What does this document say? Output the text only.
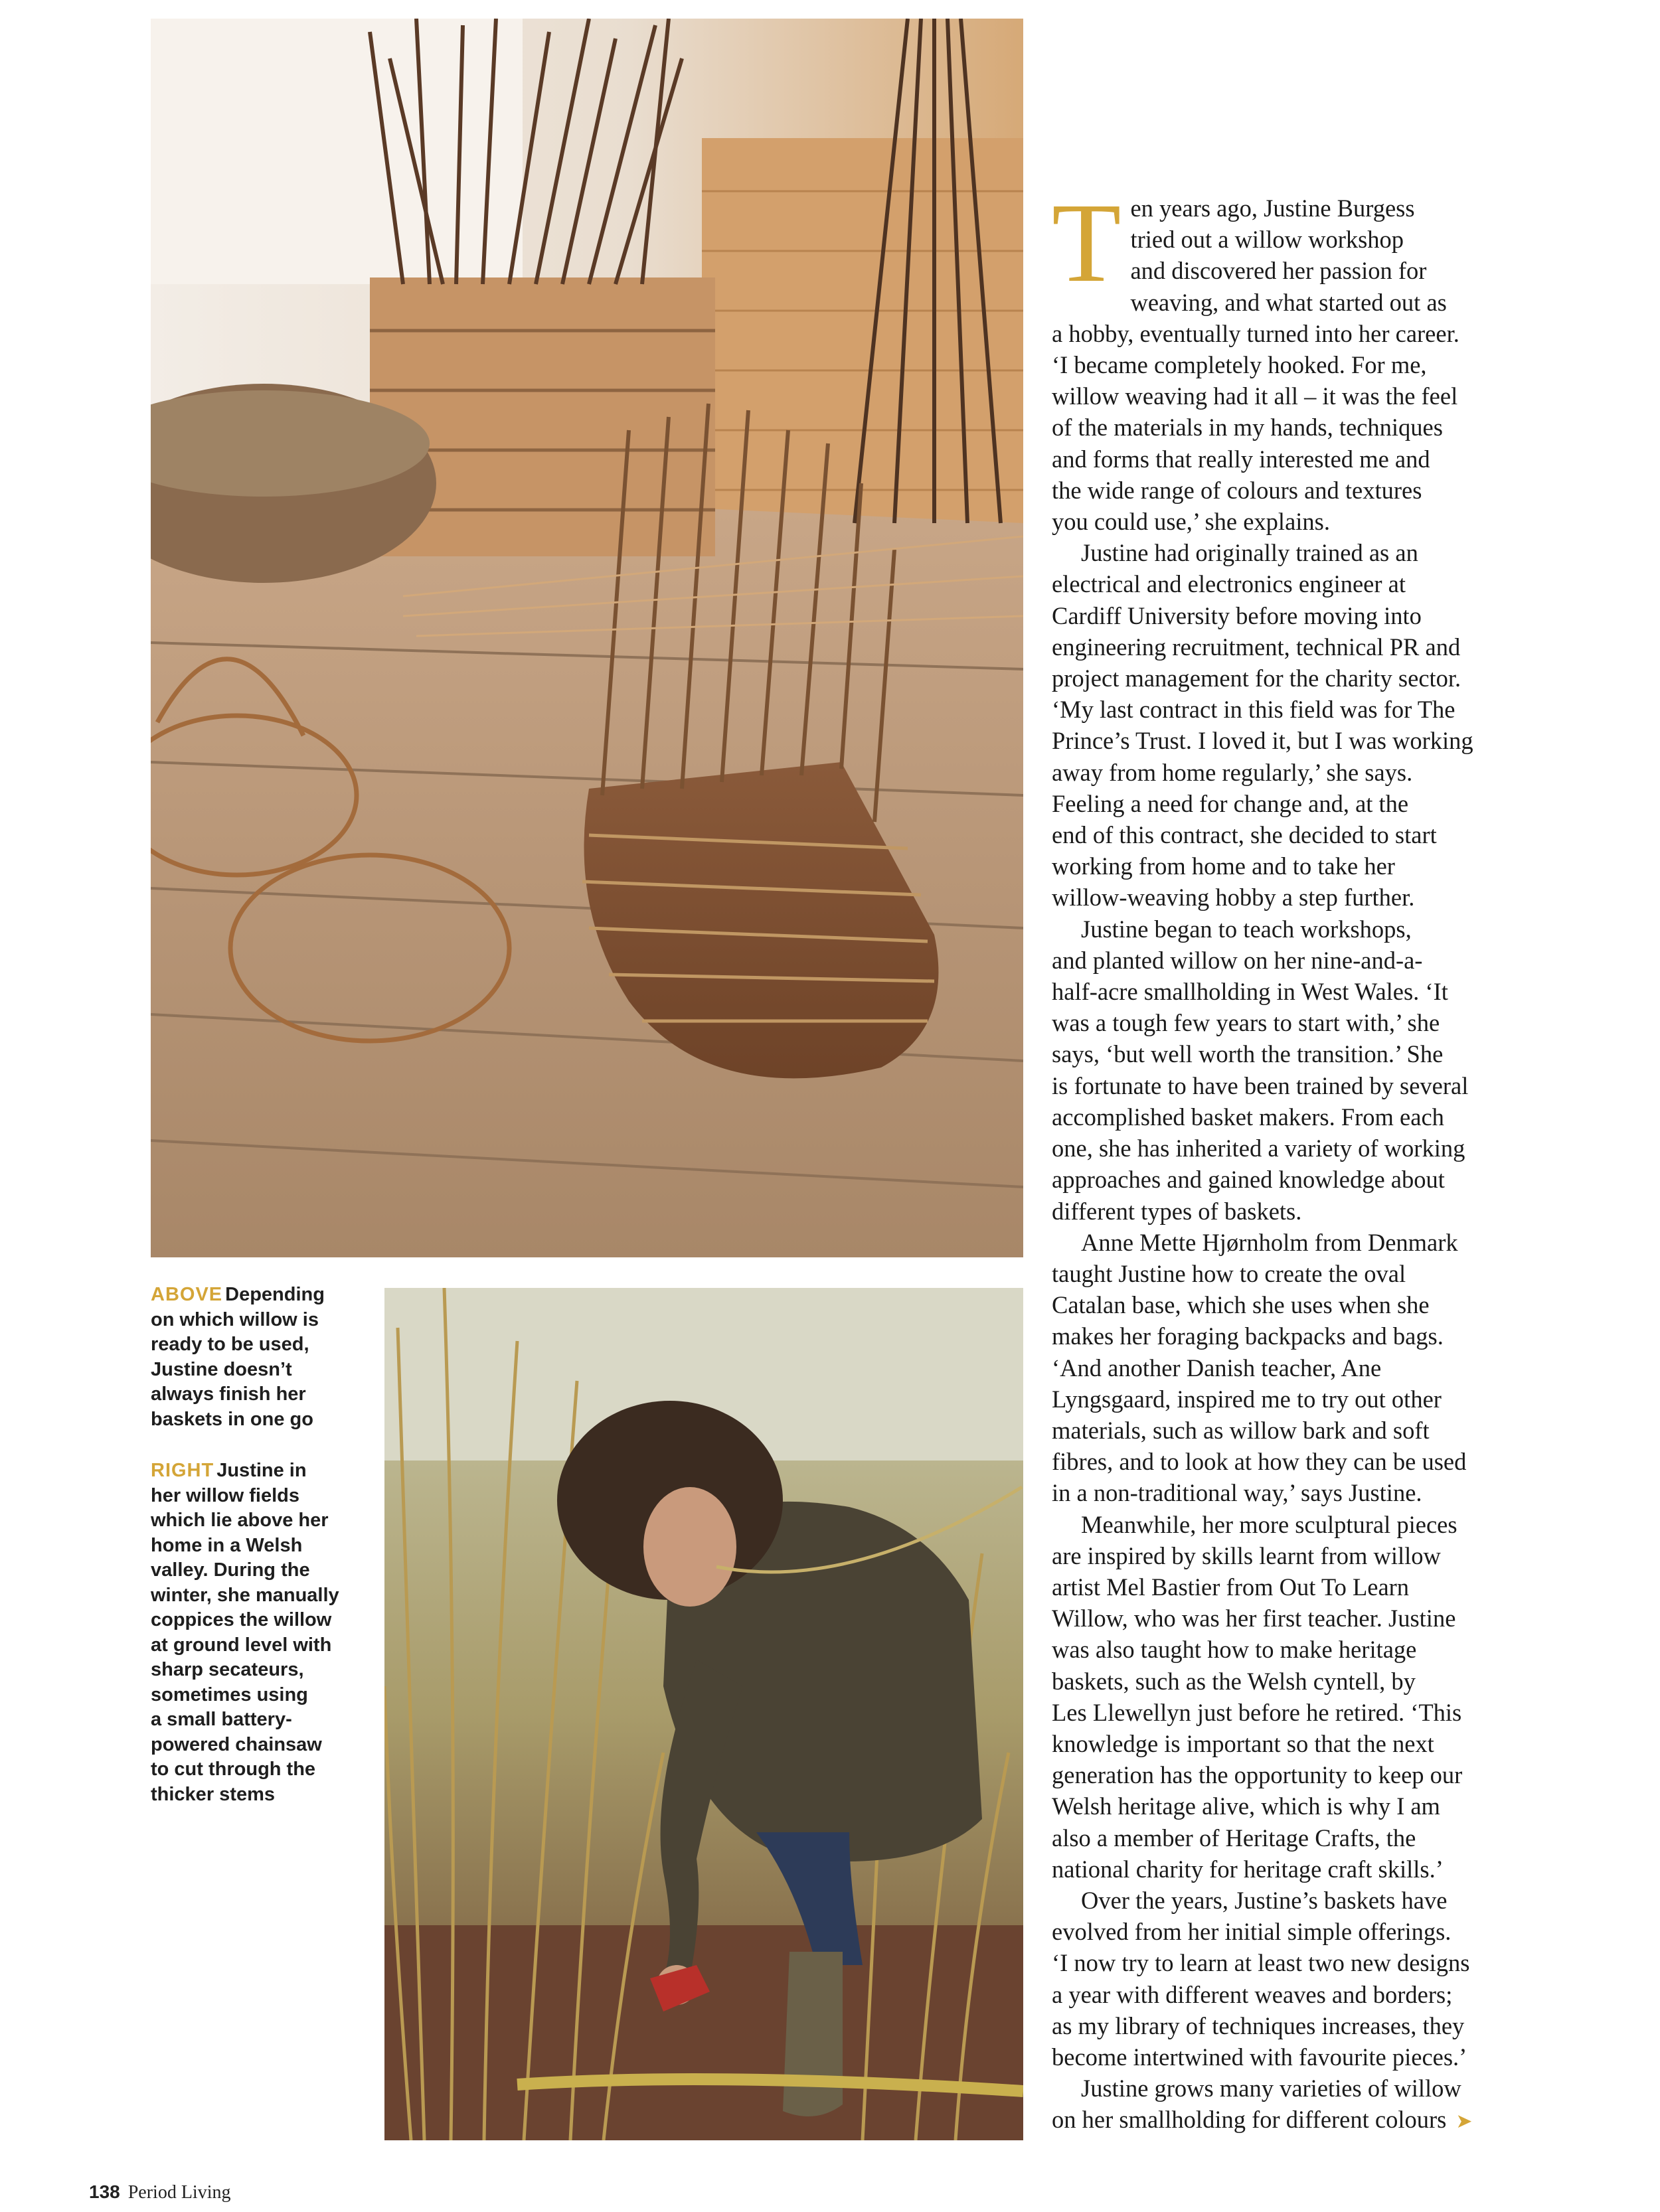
ABOVE Depending
on which willow is
ready to be used,
Justine doesn’t
always finish her
baskets in one go
RIGHT Justine in
her willow fields
which lie above her
home in a Welsh
valley. During the
winter, she manually
coppices the willow
at ground level with
sharp secateurs,
sometimes using
a small battery-
powered chainsaw
to cut through the
thicker stems
T en years ago, Justine Burgess
tried out a willow workshop
and discovered her passion for
weaving, and what started out as
a hobby, eventually turned into her career.
‘I became completely hooked. For me,
willow weaving had it all – it was the feel
of the materials in my hands, techniques
and forms that really interested me and
the wide range of colours and textures
you could use,’ she explains.

Justine had originally trained as an
electrical and electronics engineer at
Cardiff University before moving into
engineering recruitment, technical PR and
project management for the charity sector.
‘My last contract in this field was for The
Prince’s Trust. I loved it, but I was working
away from home regularly,’ she says.
Feeling a need for change and, at the
end of this contract, she decided to start
working from home and to take her
willow-weaving hobby a step further.

Justine began to teach workshops,
and planted willow on her nine-and-a-
half-acre smallholding in West Wales. ‘It
was a tough few years to start with,’ she
says, ‘but well worth the transition.’ She
is fortunate to have been trained by several
accomplished basket makers. From each
one, she has inherited a variety of working
approaches and gained knowledge about
different types of baskets.

Anne Mette Hjørnholm from Denmark
taught Justine how to create the oval
Catalan base, which she uses when she
makes her foraging backpacks and bags.
‘And another Danish teacher, Ane
Lyngsgaard, inspired me to try out other
materials, such as willow bark and soft
fibres, and to look at how they can be used
in a non-traditional way,’ says Justine.

Meanwhile, her more sculptural pieces
are inspired by skills learnt from willow
artist Mel Bastier from Out To Learn
Willow, who was her first teacher. Justine
was also taught how to make heritage
baskets, such as the Welsh cyntell, by
Les Llewellyn just before he retired. ‘This
knowledge is important so that the next
generation has the opportunity to keep our
Welsh heritage alive, which is why I am
also a member of Heritage Crafts, the
national charity for heritage craft skills.’

Over the years, Justine’s baskets have
evolved from her initial simple offerings.
‘I now try to learn at least two new designs
a year with different weaves and borders;
as my library of techniques increases, they
become intertwined with favourite pieces.’

Justine grows many varieties of willow
on her smallholding for different colours ➤

138 Period Living
